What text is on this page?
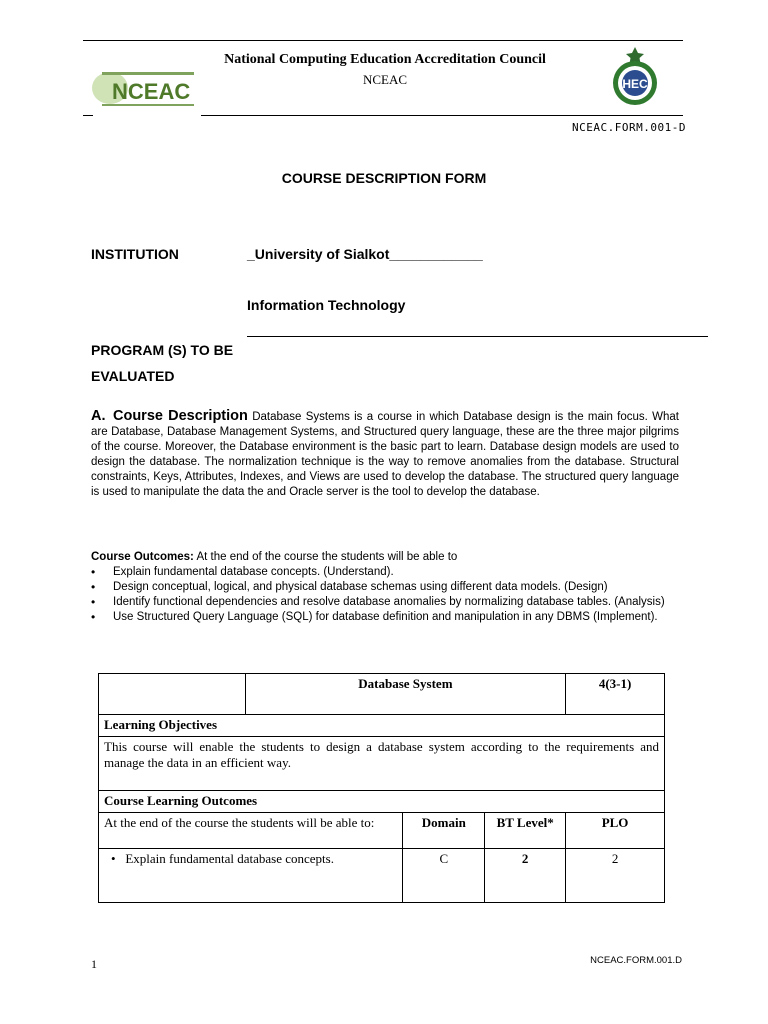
NCEAC	HEC
National Computing Education Accreditation Council
NCEAC
NCEAC.FORM.001-D
COURSE DESCRIPTION FORM
INSTITUTION	_University of Sialkot____________
Information Technology
PROGRAM (S) TO BE
EVALUATED
A. Course Description Database Systems is a course in which Database design is the main focus. What are Database, Database Management Systems, and Structured query language, these are the three major pilgrims of the course. Moreover, the Database environment is the basic part to learn. Database design models are used to design the database. The normalization technique is the way to remove anomalies from the database. Structural constraints, Keys, Attributes, Indexes, and Views are used to develop the database. The structured query language is used to manipulate the data the and Oracle server is the tool to develop the database.
Course Outcomes: At the end of the course the students will be able to
• Explain fundamental database concepts. (Understand).
• Design conceptual, logical, and physical database schemas using different data models. (Design)
• Identify functional dependencies and resolve database anomalies by normalizing database tables. (Analysis)
• Use Structured Query Language (SQL) for database definition and manipulation in any DBMS (Implement).
	Database System			4(3-1)
Learning Objectives				
This course will enable the students to design a database system according to the requirements and manage the data in an efficient way.				
Course Learning Outcomes				
At the end of the course the students will be able to:		Domain	BT Level*	PLO
•   Explain fundamental database concepts.		C	2	2
1	NCEAC.FORM.001.D
